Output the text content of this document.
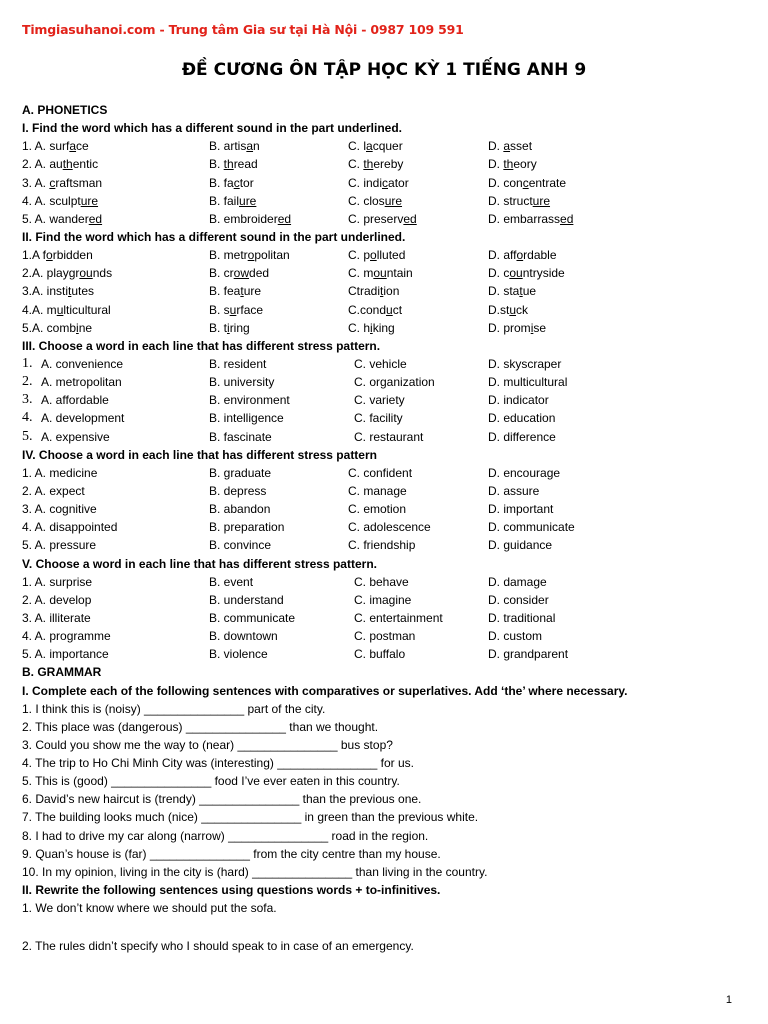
Timgiasuhanoi.com - Trung tâm Gia sư tại Hà Nội - 0987 109 591
ĐỀ CƯƠNG ÔN TẬP HỌC KỲ 1 TIẾNG ANH 9
A. PHONETICS
I. Find the word which has a different sound in the part underlined.
1. A. surface	B. artisan	C. lacquer	D. asset
2. A. authentic	B. thread	C. thereby	D. theory
3. A. craftsman	B. factor	C. indicator	D. concentrate
4. A. sculpture	B. failure	C. closure	D. structure
5. A. wandered	B. embroidered	C. preserved	D. embarrassed
II. Find the word which has a different sound in the part underlined.
1.A forbidden	B. metropolitan	C. polluted	D. affordable
2.A. playgrounds	B. crowded	C. mountain	D. countryside
3.A. institutes	B. feature	Ctradition	D. statue
4.A. multicultural	B. surface	C.conduct	D.stuck
5.A. combine	B. tiring	C. hiking	D. promise
III. Choose a word in each line that has different stress pattern.
1. A. convenience	B. resident	C. vehicle	D. skyscraper
2. A. metropolitan	B. university	C. organization	D. multicultural
3. A. affordable	B. environment	C. variety	D. indicator
4. A. development	B. intelligence	C. facility	D. education
5. A. expensive	B. fascinate	C. restaurant	D. difference
IV. Choose a word in each line that has different stress pattern
1. A. medicine	B. graduate	C. confident	D. encourage
2. A. expect	B. depress	C. manage	D. assure
3. A. cognitive	B. abandon	C. emotion	D. important
4. A. disappointed	B. preparation	C. adolescence	D. communicate
5. A. pressure	B. convince	C. friendship	D. guidance
V. Choose a word in each line that has different stress pattern.
1. A. surprise	B. event	C. behave	D. damage
2. A. develop	B. understand	C. imagine	D. consider
3. A. illiterate	B. communicate	C. entertainment	D. traditional
4. A. programme	B. downtown	C. postman	D. custom
5. A. importance	B. violence	C. buffalo	D. grandparent
B. GRAMMAR
I. Complete each of the following sentences with comparatives or superlatives. Add ‘the’ where necessary.
1. I think this is (noisy) _______________ part of the city.
2. This place was (dangerous) _______________ than we thought.
3. Could you show me the way to (near) _______________ bus stop?
4. The trip to Ho Chi Minh City was (interesting) _______________ for us.
5. This is (good) _______________ food I’ve ever eaten in this country.
6. David’s new haircut is (trendy) _______________ than the previous one.
7. The building looks much (nice) _______________ in green than the previous white.
8. I had to drive my car along (narrow) _______________ road in the region.
9. Quan’s house is (far) _______________ from the city centre than my house.
10. In my opinion, living in the city is (hard) _______________ than living in the country.
II. Rewrite the following sentences using questions words + to-infinitives.
1. We don’t know where we should put the sofa.
2. The rules didn’t specify who I should speak to in case of an emergency.
1
